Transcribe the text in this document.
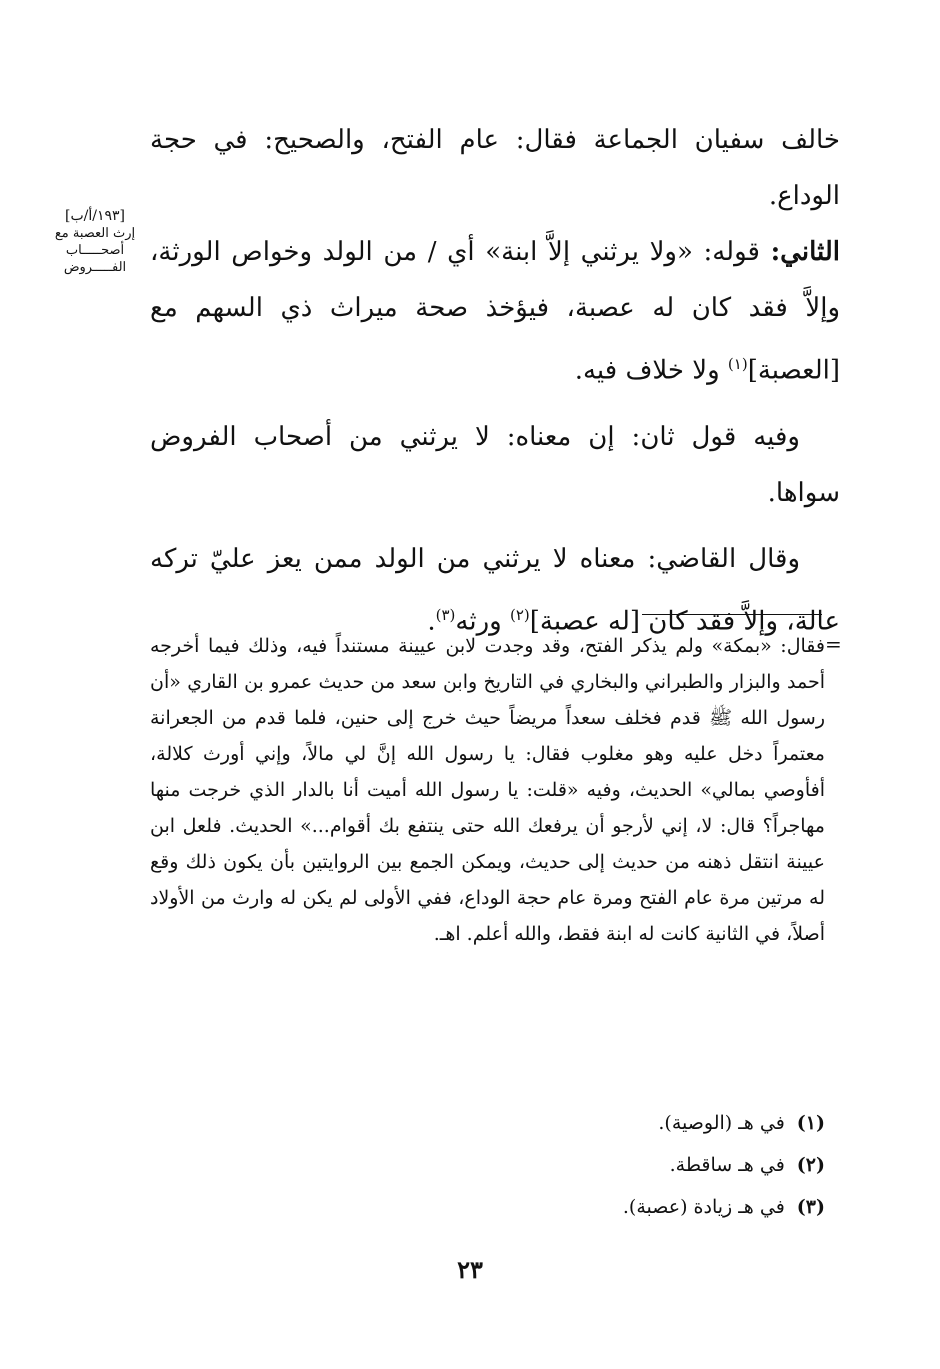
خالف سفيان الجماعة فقال: عام الفتح، والصحيح: في حجة الوداع.

الثاني: قوله: «ولا يرثني إلاَّ ابنة» أي / من الولد وخواص الورثة، وإلاَّ فقد كان له عصبة، فيؤخذ صحة ميراث ذي السهم مع [العصبة]$^{(١)}$ ولا خلاف فيه.

وفيه قول ثان: إن معناه: لا يرثني من أصحاب الفروض سواها.

وقال القاضي: معناه لا يرثني من الولد ممن يعز عليّ تركه عالة، وإلاَّ فقد كان [له عصبة]$^{(٢)}$ ورثه$^{(٣)}$.

[١٩٣/أ/ب]
إرث العصبة مع أصحـــــاب الفـــــروض
=

فقال: «بمكة» ولم يذكر الفتح، وقد وجدت لابن عيينة مستنداً فيه، وذلك فيما أخرجه أحمد والبزار والطبراني والبخاري في التاريخ وابن سعد من حديث عمرو بن القاري «أن رسول الله ﷺ قدم فخلف سعداً مريضاً حيث خرج إلى حنين، فلما قدم من الجعرانة معتمراً دخل عليه وهو مغلوب فقال: يا رسول الله إنَّ لي مالاً، وإني أورث كلالة، أفأوصي بمالي» الحديث، وفيه «قلت: يا رسول الله أميت أنا بالدار الذي خرجت منها مهاجراً؟ قال: لا، إني لأرجو أن يرفعك الله حتى ينتفع بك أقوام...» الحديث. فلعل ابن عيينة انتقل ذهنه من حديث إلى حديث، ويمكن الجمع بين الروايتين بأن يكون ذلك وقع له مرتين مرة عام الفتح ومرة عام حجة الوداع، ففي الأولى لم يكن له وارث من الأولاد أصلاً، في الثانية كانت له ابنة فقط، والله أعلم. اهـ.

(١)في هـ (الوصية).
(٢)في هـ ساقطة.
(٣)في هـ زيادة (عصبة).
٢٣
